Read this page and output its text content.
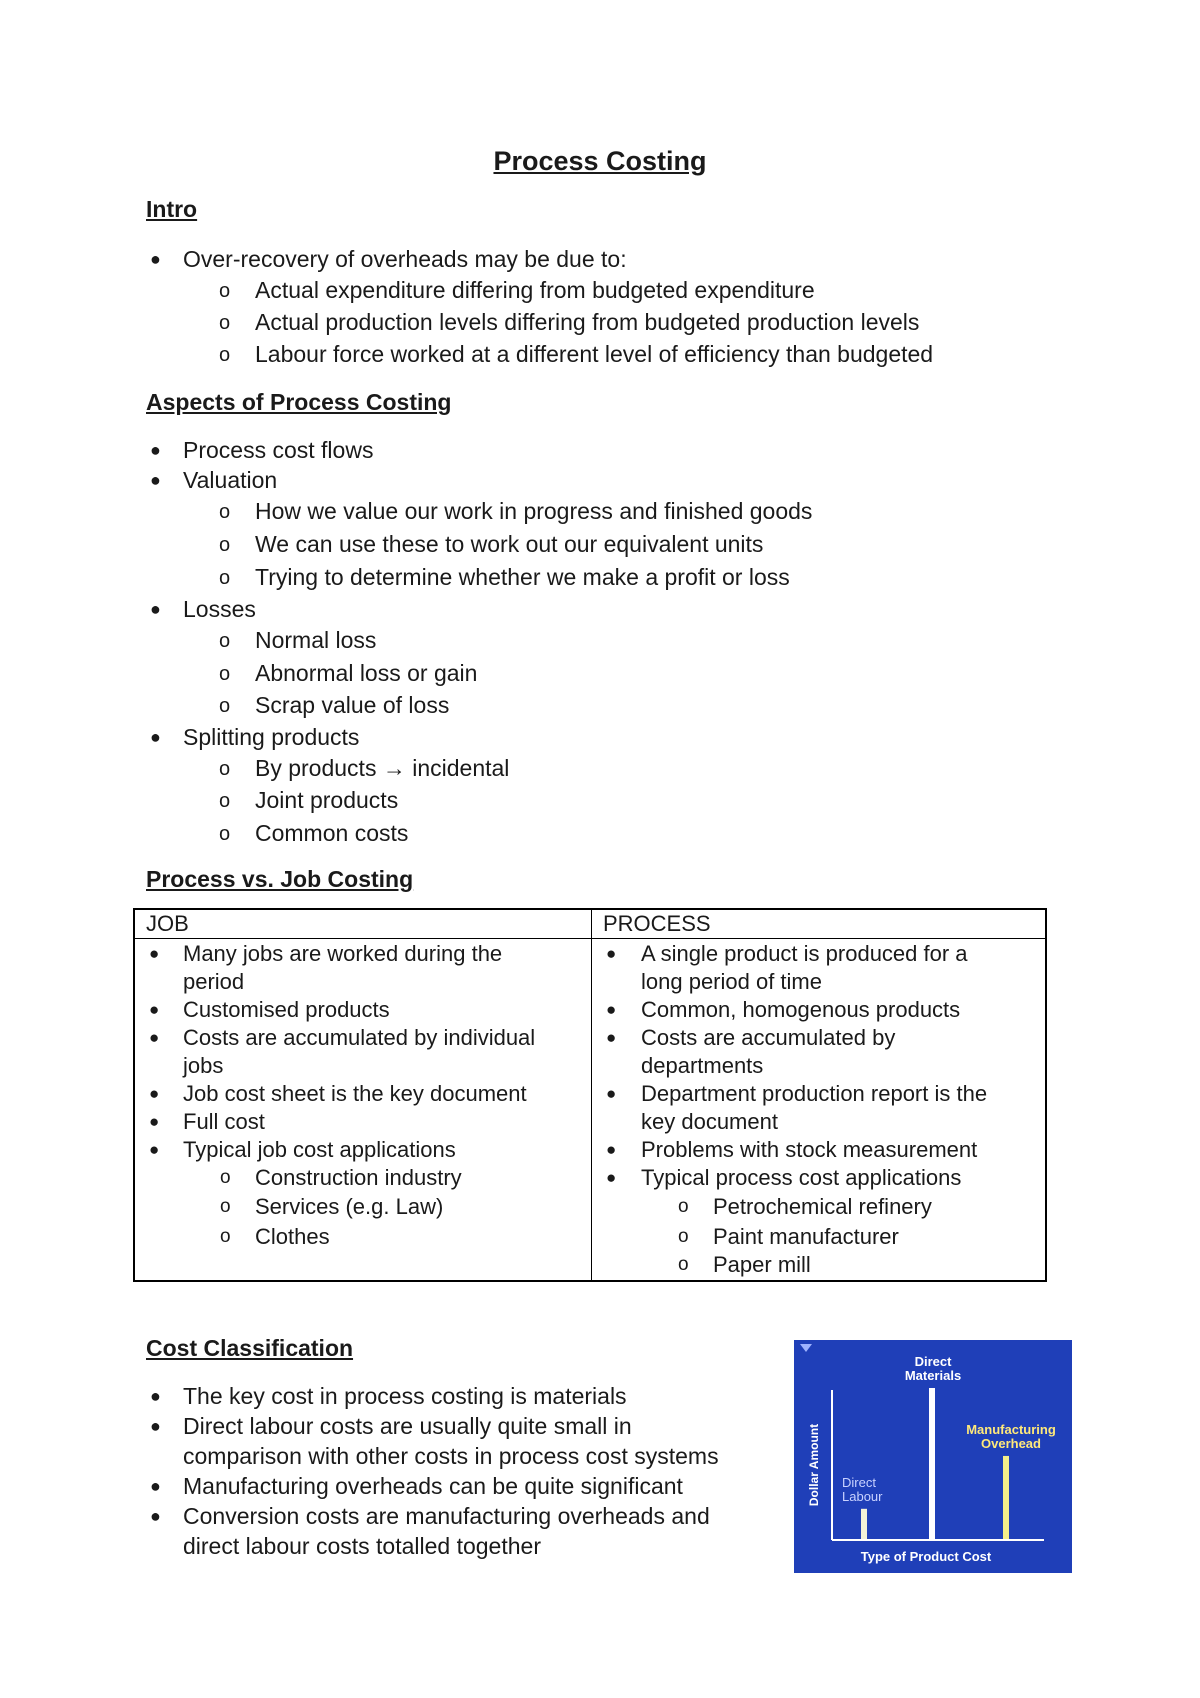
Process Costing
Intro
● Over-recovery of overheads may be due to:

o Actual expenditure differing from budgeted expenditure

o Actual production levels differing from budgeted production levels

o Labour force worked at a different level of efficiency than budgeted

Aspects of Process Costing
● Process cost flows

● Valuation

o How we value our work in progress and finished goods

o We can use these to work out our equivalent units

o Trying to determine whether we make a profit or loss

● Losses

o Normal loss

o Abnormal loss or gain

o Scrap value of loss

● Splitting products

o By products → incidental

o Joint products

o Common costs

Process vs. Job Costing
JOB	PROCESS
● Many jobs are worked during the
period
● Customised products
● Costs are accumulated by individual
jobs
● Job cost sheet is the key document
● Full cost
● Typical job cost applications
o Construction industry
o Services (e.g. Law)
o Clothes
● A single product is produced for a
long period of time
● Common, homogenous products
● Costs are accumulated by
departments
● Department production report is the
key document
● Problems with stock measurement
● Typical process cost applications
o Petrochemical refinery
o Paint manufacturer
o Paper mill
Cost Classification
● The key cost in process costing is materials

● Direct labour costs are usually quite small in

comparison with other costs in process cost systems

● Manufacturing overheads can be quite significant

● Conversion costs are manufacturing overheads and

direct labour costs totalled together

Dollar Amount
Type of Product Cost
Direct
Labour
Direct
Materials
Manufacturing
Overhead
